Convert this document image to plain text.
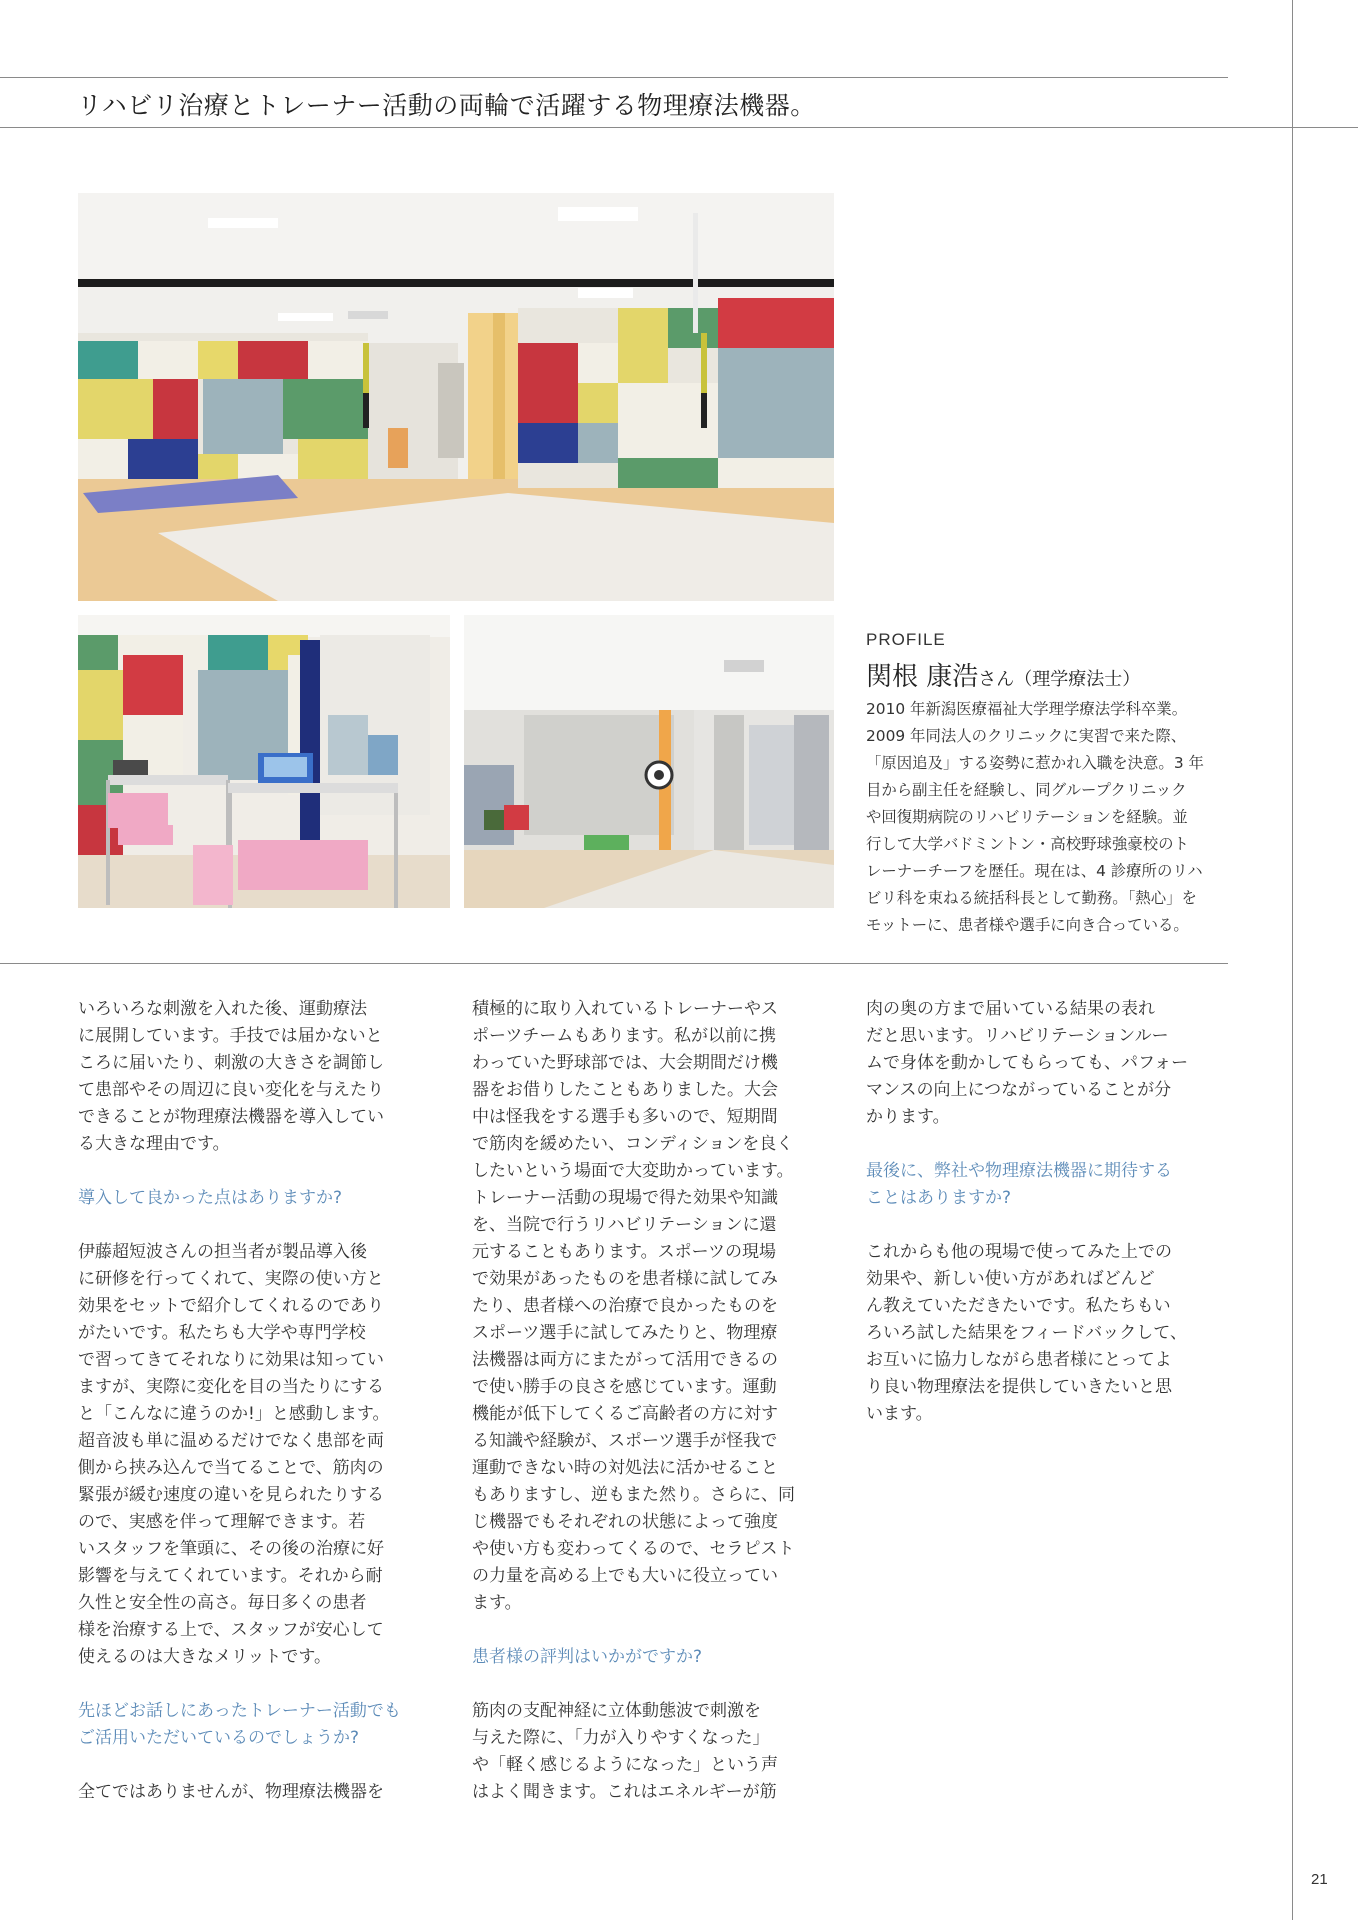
リハビリ治療とトレーナー活動の両輪で活躍する物理療法機器。
PROFILE
関根 康浩さん（理学療法士）
2010 年新潟医療福祉大学理学療法学科卒業。
2009 年同法人のクリニックに実習で来た際、
「原因追及」する姿勢に惹かれ入職を決意。3 年
目から副主任を経験し、同グループクリニック
や回復期病院のリハビリテーションを経験。並
行して大学バドミントン・高校野球強豪校のト
レーナーチーフを歴任。現在は、4 診療所のリハ
ビリ科を束ねる統括科長として勤務。「熱心」を
モットーに、患者様や選手に向き合っている。

いろいろな刺激を入れた後、運動療法
に展開しています。手技では届かないと
ころに届いたり、刺激の大きさを調節し
て患部やその周辺に良い変化を与えたり
できることが物理療法機器を導入してい
る大きな理由です。

導入して良かった点はありますか?

伊藤超短波さんの担当者が製品導入後
に研修を行ってくれて、実際の使い方と
効果をセットで紹介してくれるのであり
がたいです。私たちも大学や専門学校
で習ってきてそれなりに効果は知ってい
ますが、実際に変化を目の当たりにする
と「こんなに違うのか!」と感動します。
超音波も単に温めるだけでなく患部を両
側から挟み込んで当てることで、筋肉の
緊張が緩む速度の違いを見られたりする
ので、実感を伴って理解できます。若
いスタッフを筆頭に、その後の治療に好
影響を与えてくれています。それから耐
久性と安全性の高さ。毎日多くの患者
様を治療する上で、スタッフが安心して
使えるのは大きなメリットです。

先ほどお話しにあったトレーナー活動でも
ご活用いただいているのでしょうか?

全てではありませんが、物理療法機器を

積極的に取り入れているトレーナーやス
ポーツチームもあります。私が以前に携
わっていた野球部では、大会期間だけ機
器をお借りしたこともありました。大会
中は怪我をする選手も多いので、短期間
で筋肉を緩めたい、コンディションを良く
したいという場面で大変助かっています。
トレーナー活動の現場で得た効果や知識
を、当院で行うリハビリテーションに還
元することもあります。スポーツの現場
で効果があったものを患者様に試してみ
たり、患者様への治療で良かったものを
スポーツ選手に試してみたりと、物理療
法機器は両方にまたがって活用できるの
で使い勝手の良さを感じています。運動
機能が低下してくるご高齢者の方に対す
る知識や経験が、スポーツ選手が怪我で
運動できない時の対処法に活かせること
もありますし、逆もまた然り。さらに、同
じ機器でもそれぞれの状態によって強度
や使い方も変わってくるので、セラピスト
の力量を高める上でも大いに役立ってい
ます。

患者様の評判はいかがですか?

筋肉の支配神経に立体動態波で刺激を
与えた際に、「力が入りやすくなった」
や「軽く感じるようになった」という声
はよく聞きます。これはエネルギーが筋

肉の奥の方まで届いている結果の表れ
だと思います。リハビリテーションルー
ムで身体を動かしてもらっても、パフォー
マンスの向上につながっていることが分
かります。

最後に、弊社や物理療法機器に期待する
ことはありますか?

これからも他の現場で使ってみた上での
効果や、新しい使い方があればどんど
ん教えていただきたいです。私たちもい
ろいろ試した結果をフィードバックして、
お互いに協力しながら患者様にとってよ
り良い物理療法を提供していきたいと思
います。

21
